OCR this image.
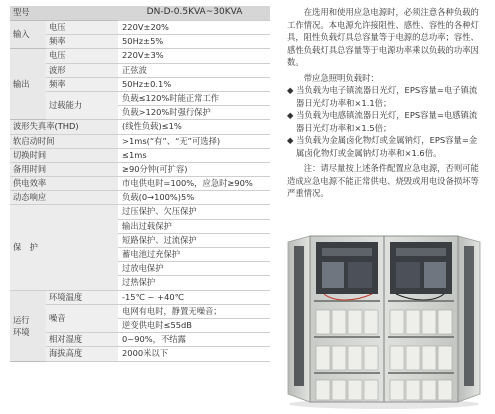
型号		DN-D-0.5KVA~30KVA
输入	电压	220V±20%
	频率	50Hz±5%
输出	电压	220V±3%
	波形	正弦波
	频率	50Hz±0.1%
	过载能力	负载≤120%时能正常工作
		负载>120%时强行保护
波形失真率(THD)		(线性负载)≤1%
软启动时间		>1ms(“有”、“无”可选择)
切换时间		≤1ms
备用时间		≥90分钟(可扩容)
供电效率		市电供电时=100%，应急时≥90%
动态响应		负载(0→100%)5%
保　护		过压保护、欠压保护
		输出过载保护
		短路保护、过流保护
		蓄电池过充保护
		过放电保护
		过热保护

运行
环境	环境温度	-15℃ ~ +40℃
	噪音	电网有电时，静置无噪音；
		逆变供电时≤55dB
	相对湿度	0~90%，不结露
	海拔高度	2000米以下

在选用和使用应急电源时，必须注意各种负载的工作情况。本电源允许接阻性、感性、容性的各种灯具，阻性负载灯具总容量等于电源的总功率；容性、感性负载灯具总容量等于电源功率乘以负载的功率因数。

带应急照明负载时：

◆ 当负载为电子镇流器日光灯，EPS容量=电子镇流器日光灯功率和×1.1倍；

◆ 当负载为电感镇流器日光灯，EPS容量=电感镇流器日光灯功率和×1.5倍；

◆ 当负载为金属卤化物灯或金属钠灯，EPS容量=金属卤化物灯或金属钠灯功率和×1.6倍。

注：请尽量按上述条件配置应急电源，否则可能造成应急电源不能正常供电、烧毁或用电设备损坏等严重情况。
